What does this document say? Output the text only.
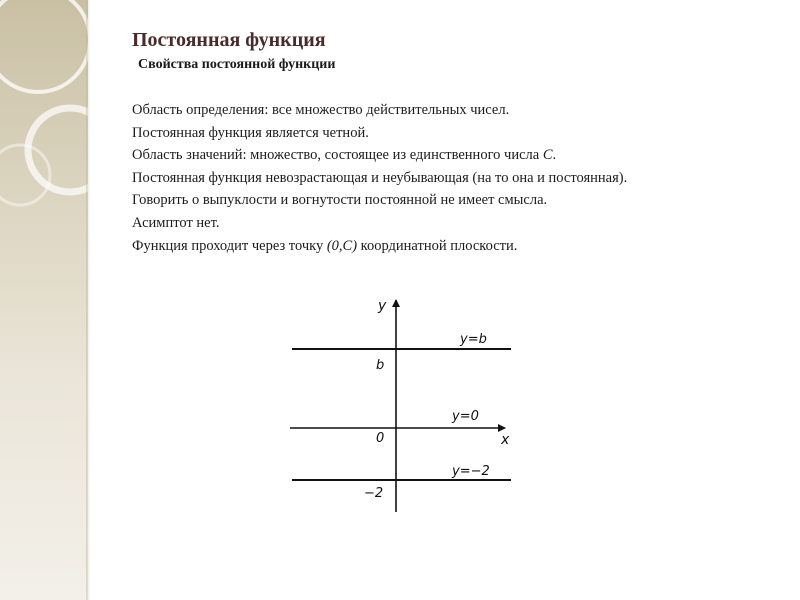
Постоянная функция
Свойства постоянной функции
Область определения: все множество действительных чисел.
Постоянная функция является четной.
Область значений: множество, состоящее из единственного числа С.
Постоянная функция невозрастающая и неубывающая (на то она и постоянная).
Говорить о выпуклости и вогнутости постоянной не имеет смысла.
Асимптот нет.
Функция проходит через точку (0,С) координатной плоскости.
y
x
y=b
b
y=0
0
y=−2
−2
